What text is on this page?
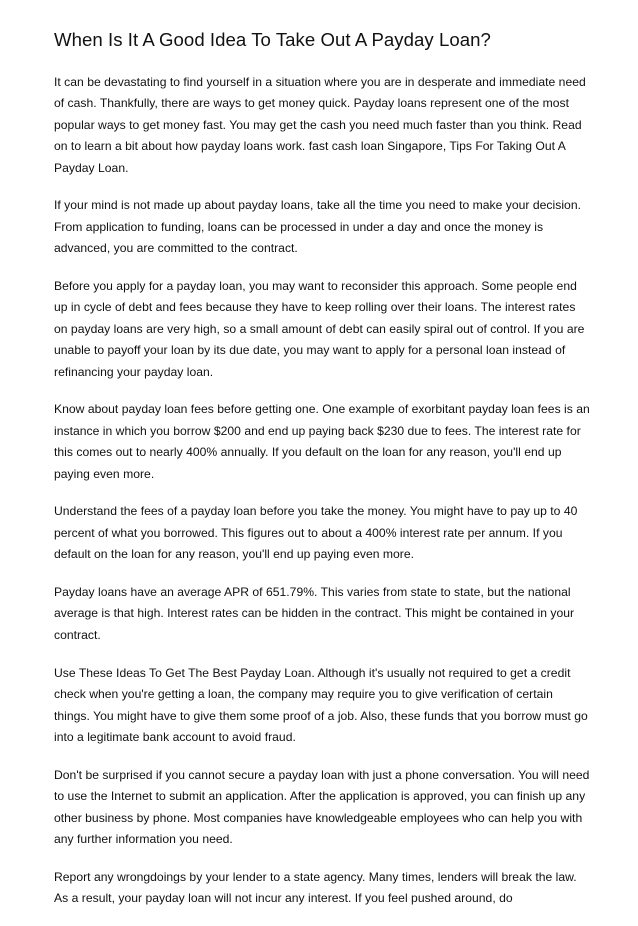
When Is It A Good Idea To Take Out A Payday Loan?

It can be devastating to find yourself in a situation where you are in desperate and immediate need of cash. Thankfully, there are ways to get money quick. Payday loans represent one of the most popular ways to get money fast. You may get the cash you need much faster than you think. Read on to learn a bit about how payday loans work. fast cash loan Singapore, Tips For Taking Out A Payday Loan.

If your mind is not made up about payday loans, take all the time you need to make your decision. From application to funding, loans can be processed in under a day and once the money is advanced, you are committed to the contract.

Before you apply for a payday loan, you may want to reconsider this approach. Some people end up in cycle of debt and fees because they have to keep rolling over their loans. The interest rates on payday loans are very high, so a small amount of debt can easily spiral out of control. If you are unable to payoff your loan by its due date, you may want to apply for a personal loan instead of refinancing your payday loan.

Know about payday loan fees before getting one. One example of exorbitant payday loan fees is an instance in which you borrow $200 and end up paying back $230 due to fees. The interest rate for this comes out to nearly 400% annually. If you default on the loan for any reason, you'll end up paying even more.

Understand the fees of a payday loan before you take the money. You might have to pay up to 40 percent of what you borrowed. This figures out to about a 400% interest rate per annum. If you default on the loan for any reason, you'll end up paying even more.

Payday loans have an average APR of 651.79%. This varies from state to state, but the national average is that high. Interest rates can be hidden in the contract. This might be contained in your contract.

Use These Ideas To Get The Best Payday Loan. Although it's usually not required to get a credit check when you're getting a loan, the company may require you to give verification of certain things. You might have to give them some proof of a job. Also, these funds that you borrow must go into a legitimate bank account to avoid fraud.

Don't be surprised if you cannot secure a payday loan with just a phone conversation. You will need to use the Internet to submit an application. After the application is approved, you can finish up any other business by phone. Most companies have knowledgeable employees who can help you with any further information you need.

Report any wrongdoings by your lender to a state agency. Many times, lenders will break the law. As a result, your payday loan will not incur any interest. If you feel pushed around, do
